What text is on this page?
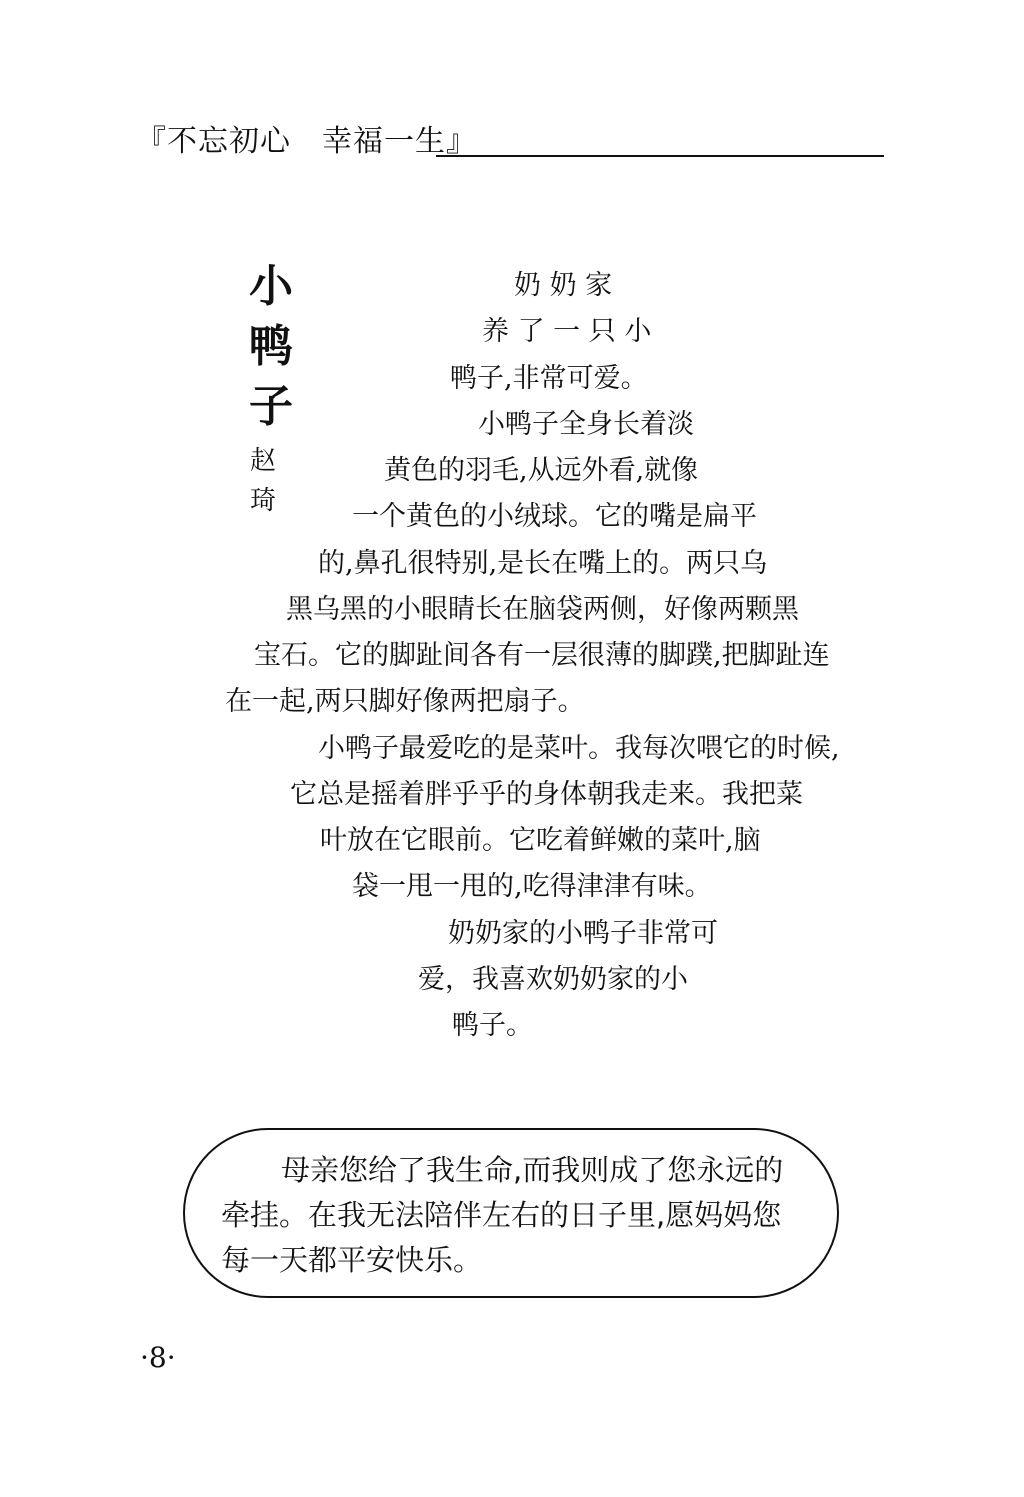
『不忘初心　幸福一生』
小
鸭
子
赵
琦
奶 奶 家
养 了 一 只 小
鸭子,非常可爱。
小鸭子全身长着淡
黄色的羽毛,从远外看,就像
一个黄色的小绒球。它的嘴是扁平
的,鼻孔很特别,是长在嘴上的。两只乌
黑乌黑的小眼睛长在脑袋两侧，好像两颗黑
宝石。它的脚趾间各有一层很薄的脚蹼,把脚趾连
在一起,两只脚好像两把扇子。
小鸭子最爱吃的是菜叶。我每次喂它的时候,
它总是摇着胖乎乎的身体朝我走来。我把菜
叶放在它眼前。它吃着鲜嫩的菜叶,脑
袋一甩一甩的,吃得津津有味。
奶奶家的小鸭子非常可
爱，我喜欢奶奶家的小
鸭子。
母亲您给了我生命,而我则成了您永远的
牵挂。在我无法陪伴左右的日子里,愿妈妈您
每一天都平安快乐。
·8·
